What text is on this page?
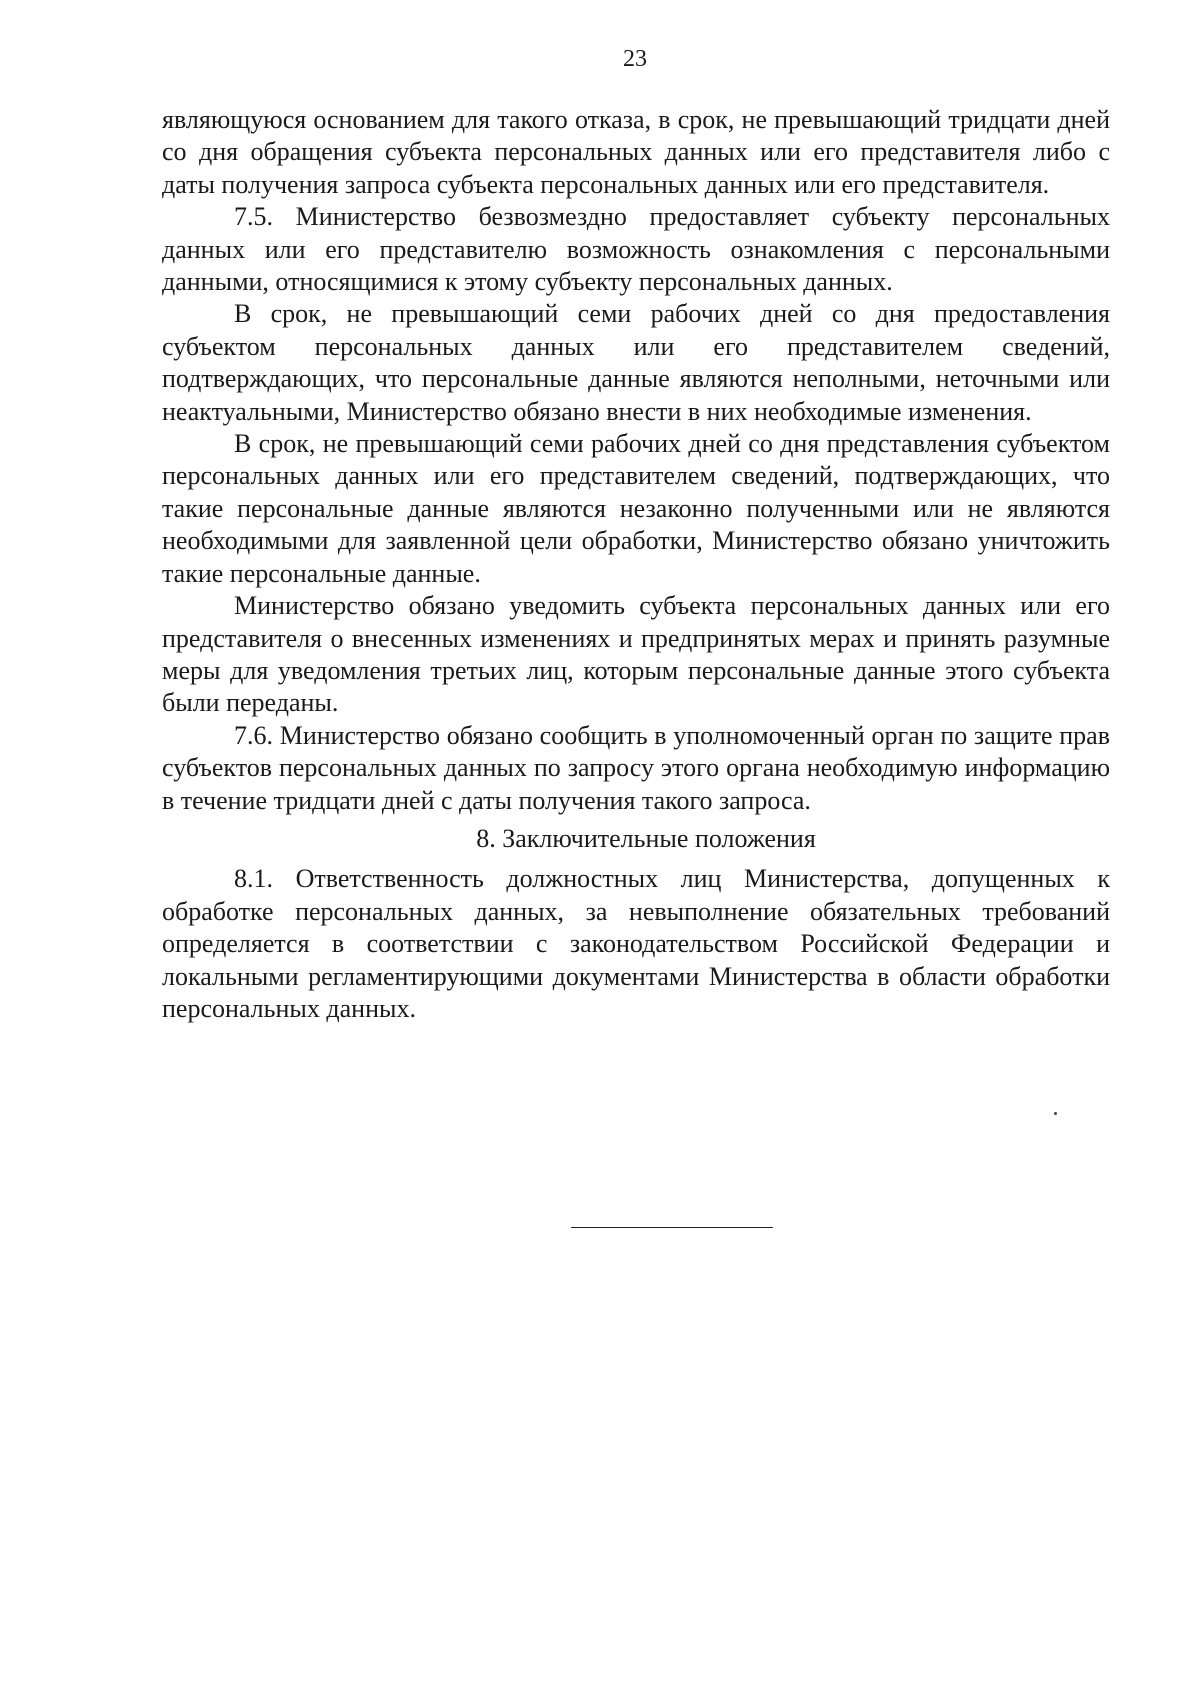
23

являющуюся основанием для такого отказа, в срок, не превышающий тридцати дней со дня обращения субъекта персональных данных или его представителя либо с даты получения запроса субъекта персональных данных или его представителя.

7.5. Министерство безвозмездно предоставляет субъекту персональных данных или его представителю возможность ознакомления с персональными данными, относящимися к этому субъекту персональных данных.

В срок, не превышающий семи рабочих дней со дня предоставления субъектом персональных данных или его представителем сведений, подтверждающих, что персональные данные являются неполными, неточными или неактуальными, Министерство обязано внести в них необходимые изменения.

В срок, не превышающий семи рабочих дней со дня представления субъектом персональных данных или его представителем сведений, подтверждающих, что такие персональные данные являются незаконно полученными или не являются необходимыми для заявленной цели обработки, Министерство обязано уничтожить такие персональные данные.

Министерство обязано уведомить субъекта персональных данных или его представителя о внесенных изменениях и предпринятых мерах и принять разумные меры для уведомления третьих лиц, которым персональные данные этого субъекта были переданы.

7.6. Министерство обязано сообщить в уполномоченный орган по защите прав субъектов персональных данных по запросу этого органа необходимую информацию в течение тридцати дней с даты получения такого запроса.

8. Заключительные положения

8.1. Ответственность должностных лиц Министерства, допущенных к обработке персональных данных, за невыполнение обязательных требований определяется в соответствии с законодательством Российской Федерации и локальными регламентирующими документами Министерства в области обработки персональных данных.
